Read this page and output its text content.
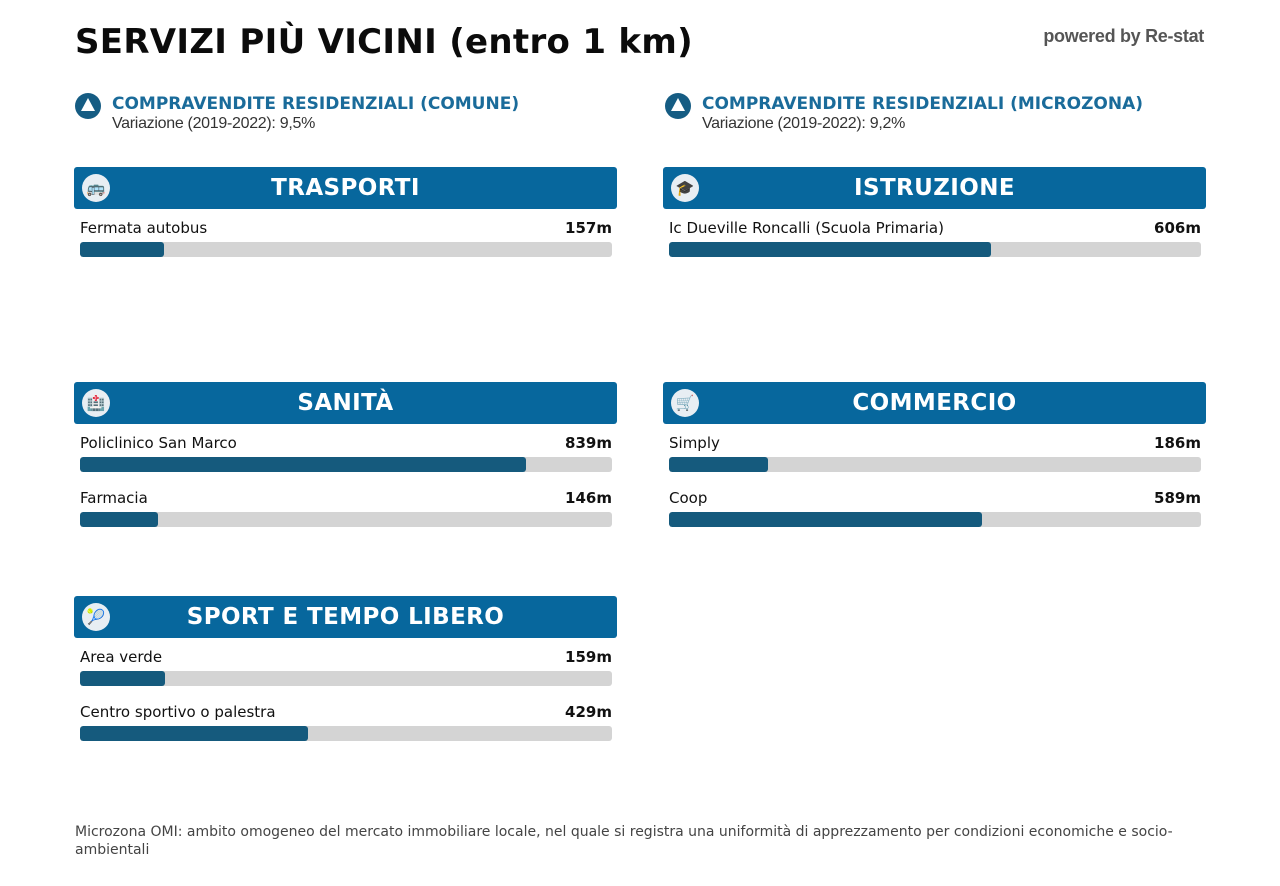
SERVIZI PIÙ VICINI (entro 1 km)	powered by Re-stat
COMPRAVENDITE RESIDENZIALI (COMUNE)
Variazione (2019-2022): 9,5%
COMPRAVENDITE RESIDENZIALI (MICROZONA)
Variazione (2019-2022): 9,2%
🚌	TRASPORTI
Fermata autobus	157m
🎓	ISTRUZIONE
Ic Dueville Roncalli (Scuola Primaria)	606m
🏥	SANITÀ
Policlinico San Marco	839m
Farmacia	146m
🛒	COMMERCIO
Simply	186m
Coop	589m
🎾	SPORT E TEMPO LIBERO
Area verde	159m
Centro sportivo o palestra	429m
Microzona OMI: ambito omogeneo del mercato immobiliare locale, nel quale si registra una uniformità di apprezzamento per condizioni economiche e socio-ambientali
